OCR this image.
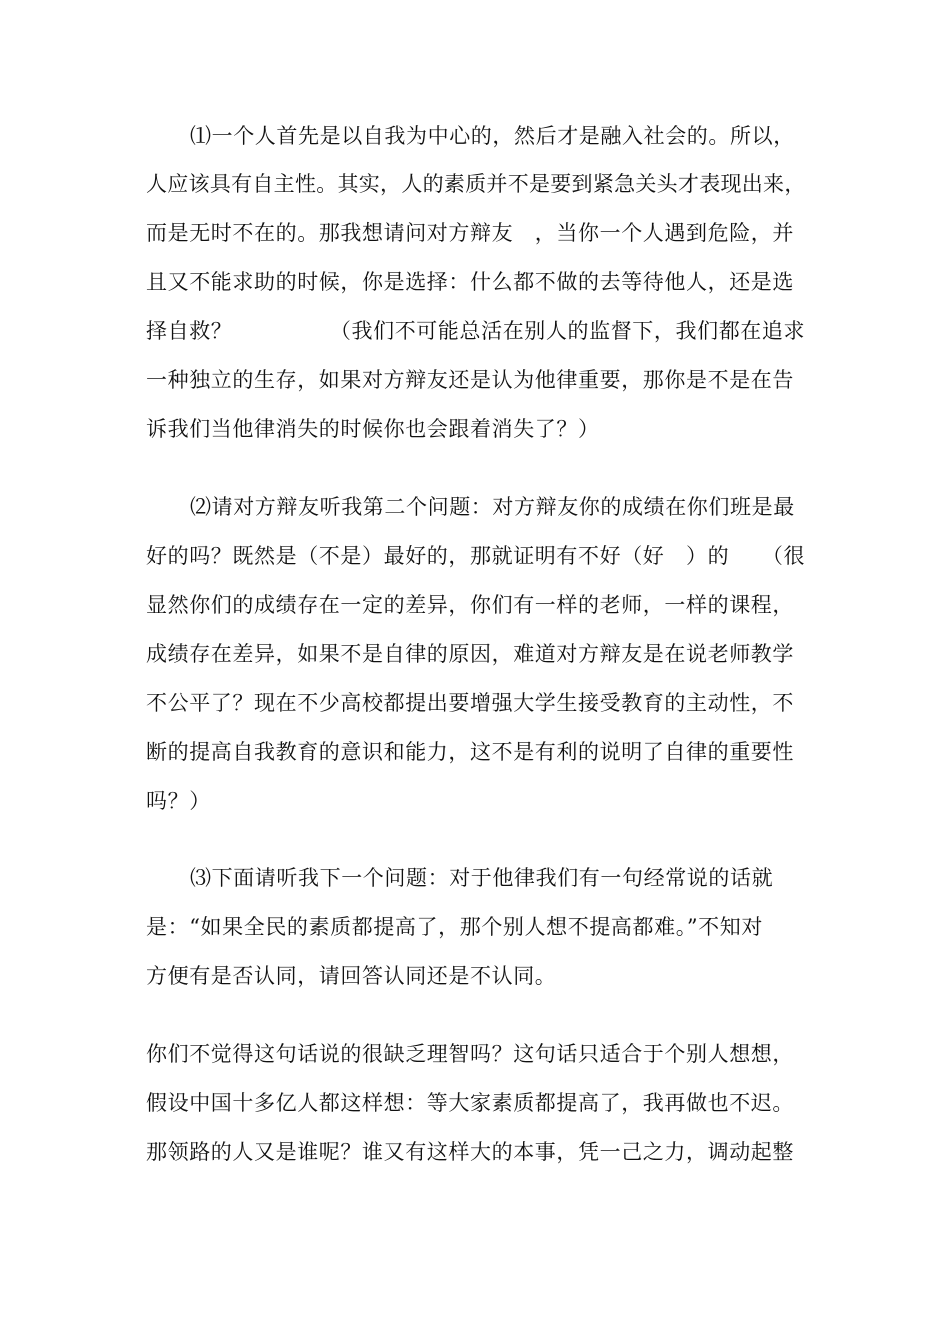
⑴一个人首先是以自我为中心的，然后才是融入社会的。所以，
人应该具有自主性。其实，人的素质并不是要到紧急关头才表现出来，
而是无时不在的。那我想请问对方辩友　，当你一个人遇到危险，并
且又不能求助的时候，你是选择：什么都不做的去等待他人，还是选
择自救？　　　　　（我们不可能总活在别人的监督下，我们都在追求
一种独立的生存，如果对方辩友还是认为他律重要，那你是不是在告
诉我们当他律消失的时候你也会跟着消失了？）
⑵请对方辩友听我第二个问题：对方辩友你的成绩在你们班是最
好的吗？既然是（不是）最好的，那就证明有不好（好　）的　　（很
显然你们的成绩存在一定的差异，你们有一样的老师，一样的课程，
成绩存在差异，如果不是自律的原因，难道对方辩友是在说老师教学
不公平了？现在不少高校都提出要增强大学生接受教育的主动性，不
断的提高自我教育的意识和能力，这不是有利的说明了自律的重要性
吗？）
⑶下面请听我下一个问题：对于他律我们有一句经常说的话就
是：“如果全民的素质都提高了，那个别人想不提高都难。”不知对
方便有是否认同，请回答认同还是不认同。
你们不觉得这句话说的很缺乏理智吗？这句话只适合于个别人想想，
假设中国十多亿人都这样想：等大家素质都提高了，我再做也不迟。
那领路的人又是谁呢？谁又有这样大的本事，凭一己之力，调动起整
